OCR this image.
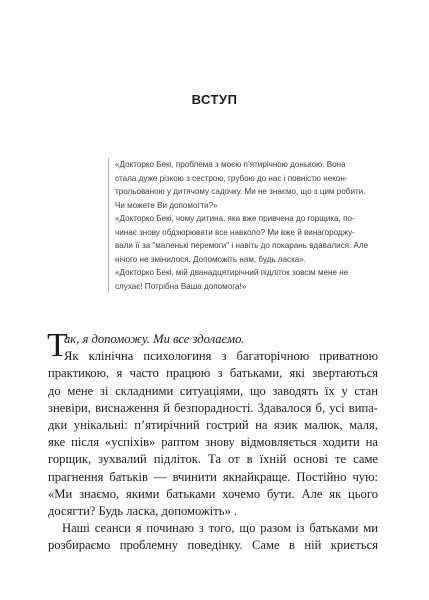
ВСТУП

«Докторко Бекі, проблема з моєю п’ятирічною донькою. Вона

стала дуже різкою з сестрою, грубою до нас і повністю некон-

трольованою у дитячому садочку. Ми не знаємо, що з цим робити.

Чи можете Ви допомогти?»

«Докторко Бекі, чому дитина, яка вже привчена до горщика, по-

чинає знову обдзюрювати все навколо? Ми вже й винагороджу-

вали її за "маленькі перемоги" і навіть до покарань вдавалися. Але

нічого не змінилося. Допоможіть нам, будь ласка».

«Докторко Бекі, мій дванадцятирічний підліток зовсім мене не

слухає! Потрібна Ваша допомога!»

Т
ак, я допоможу. Ми все здолаємо.
Як клінічна психологиня з багаторічною приватною
практикою, я часто працюю з батьками, які звертаються
до мене зі складними ситуаціями, що заводять їх у стан
зневіри, виснаження й безпорадності. Здавалося б, усі випа-
дки унікальні: п’ятирічний гострий на язик малюк, маля,
яке після «успіхів» раптом знову відмовляється ходити на
горщик, зухвалий підліток. Та от в їхній основі те саме
прагнення батьків — вчинити якнайкраще. Постійно чую:
«Ми знаємо, якими батьками хочемо бути. Але як цього
досягти? Будь ласка, допоможіть» .
Наші сеанси я починаю з того, що разом із батьками ми
розбираємо проблемну поведінку. Саме в ній криється
